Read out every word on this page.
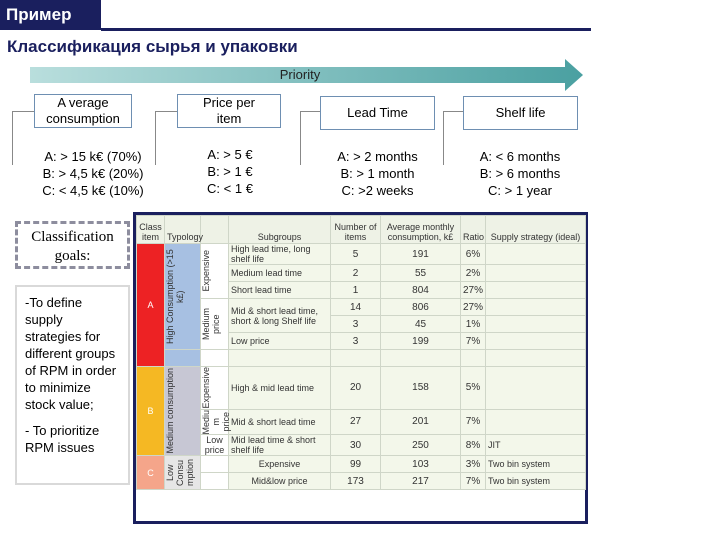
Пример
Классификация сырья и упаковки
Priority
A verage
consumption
Price per
item	Lead Time	Shelf life
A: > 15 k€ (70%)
B: > 4,5 k€ (20%)
C: < 4,5 k€ (10%)
A: > 5 €
B: > 1 €
C: < 1 €
A: > 2 months
B: > 1 month
C: >2 weeks
A: < 6 months
B: > 6 months
C: > 1 year
Classification
goals:

-To define supply strategies for different groups of RPM in order to minimize stock value;

- To prioritize RPM issues

Class item	Typology		Subgroups	Number of items	Average monthly consumption, k£	Ratio	Supply strategy (ideal)
A	High Consumption (>15 k£)	Expensive	High lead time, long shelf life	5	191	6%	
			Medium lead time	2	55	2%	
			Short lead time	1	804	27%	

		Medium price	Mid & short lead time, short & long Shelf life	14	806	27%	
				3	45	1%	
			Low price	3	199	7%	

B	Medium consumption	Expensive	High & mid lead time	20	158	5%	

		Mediu m price	Mid & short lead time	27	201	7%	
		Low price	Mid lead time & short shelf life	30	250	8%	JIT
C	Low Consu mption		Expensive	99	103	3%	Two bin system
			Mid&low price	173	217	7%	Two bin system
